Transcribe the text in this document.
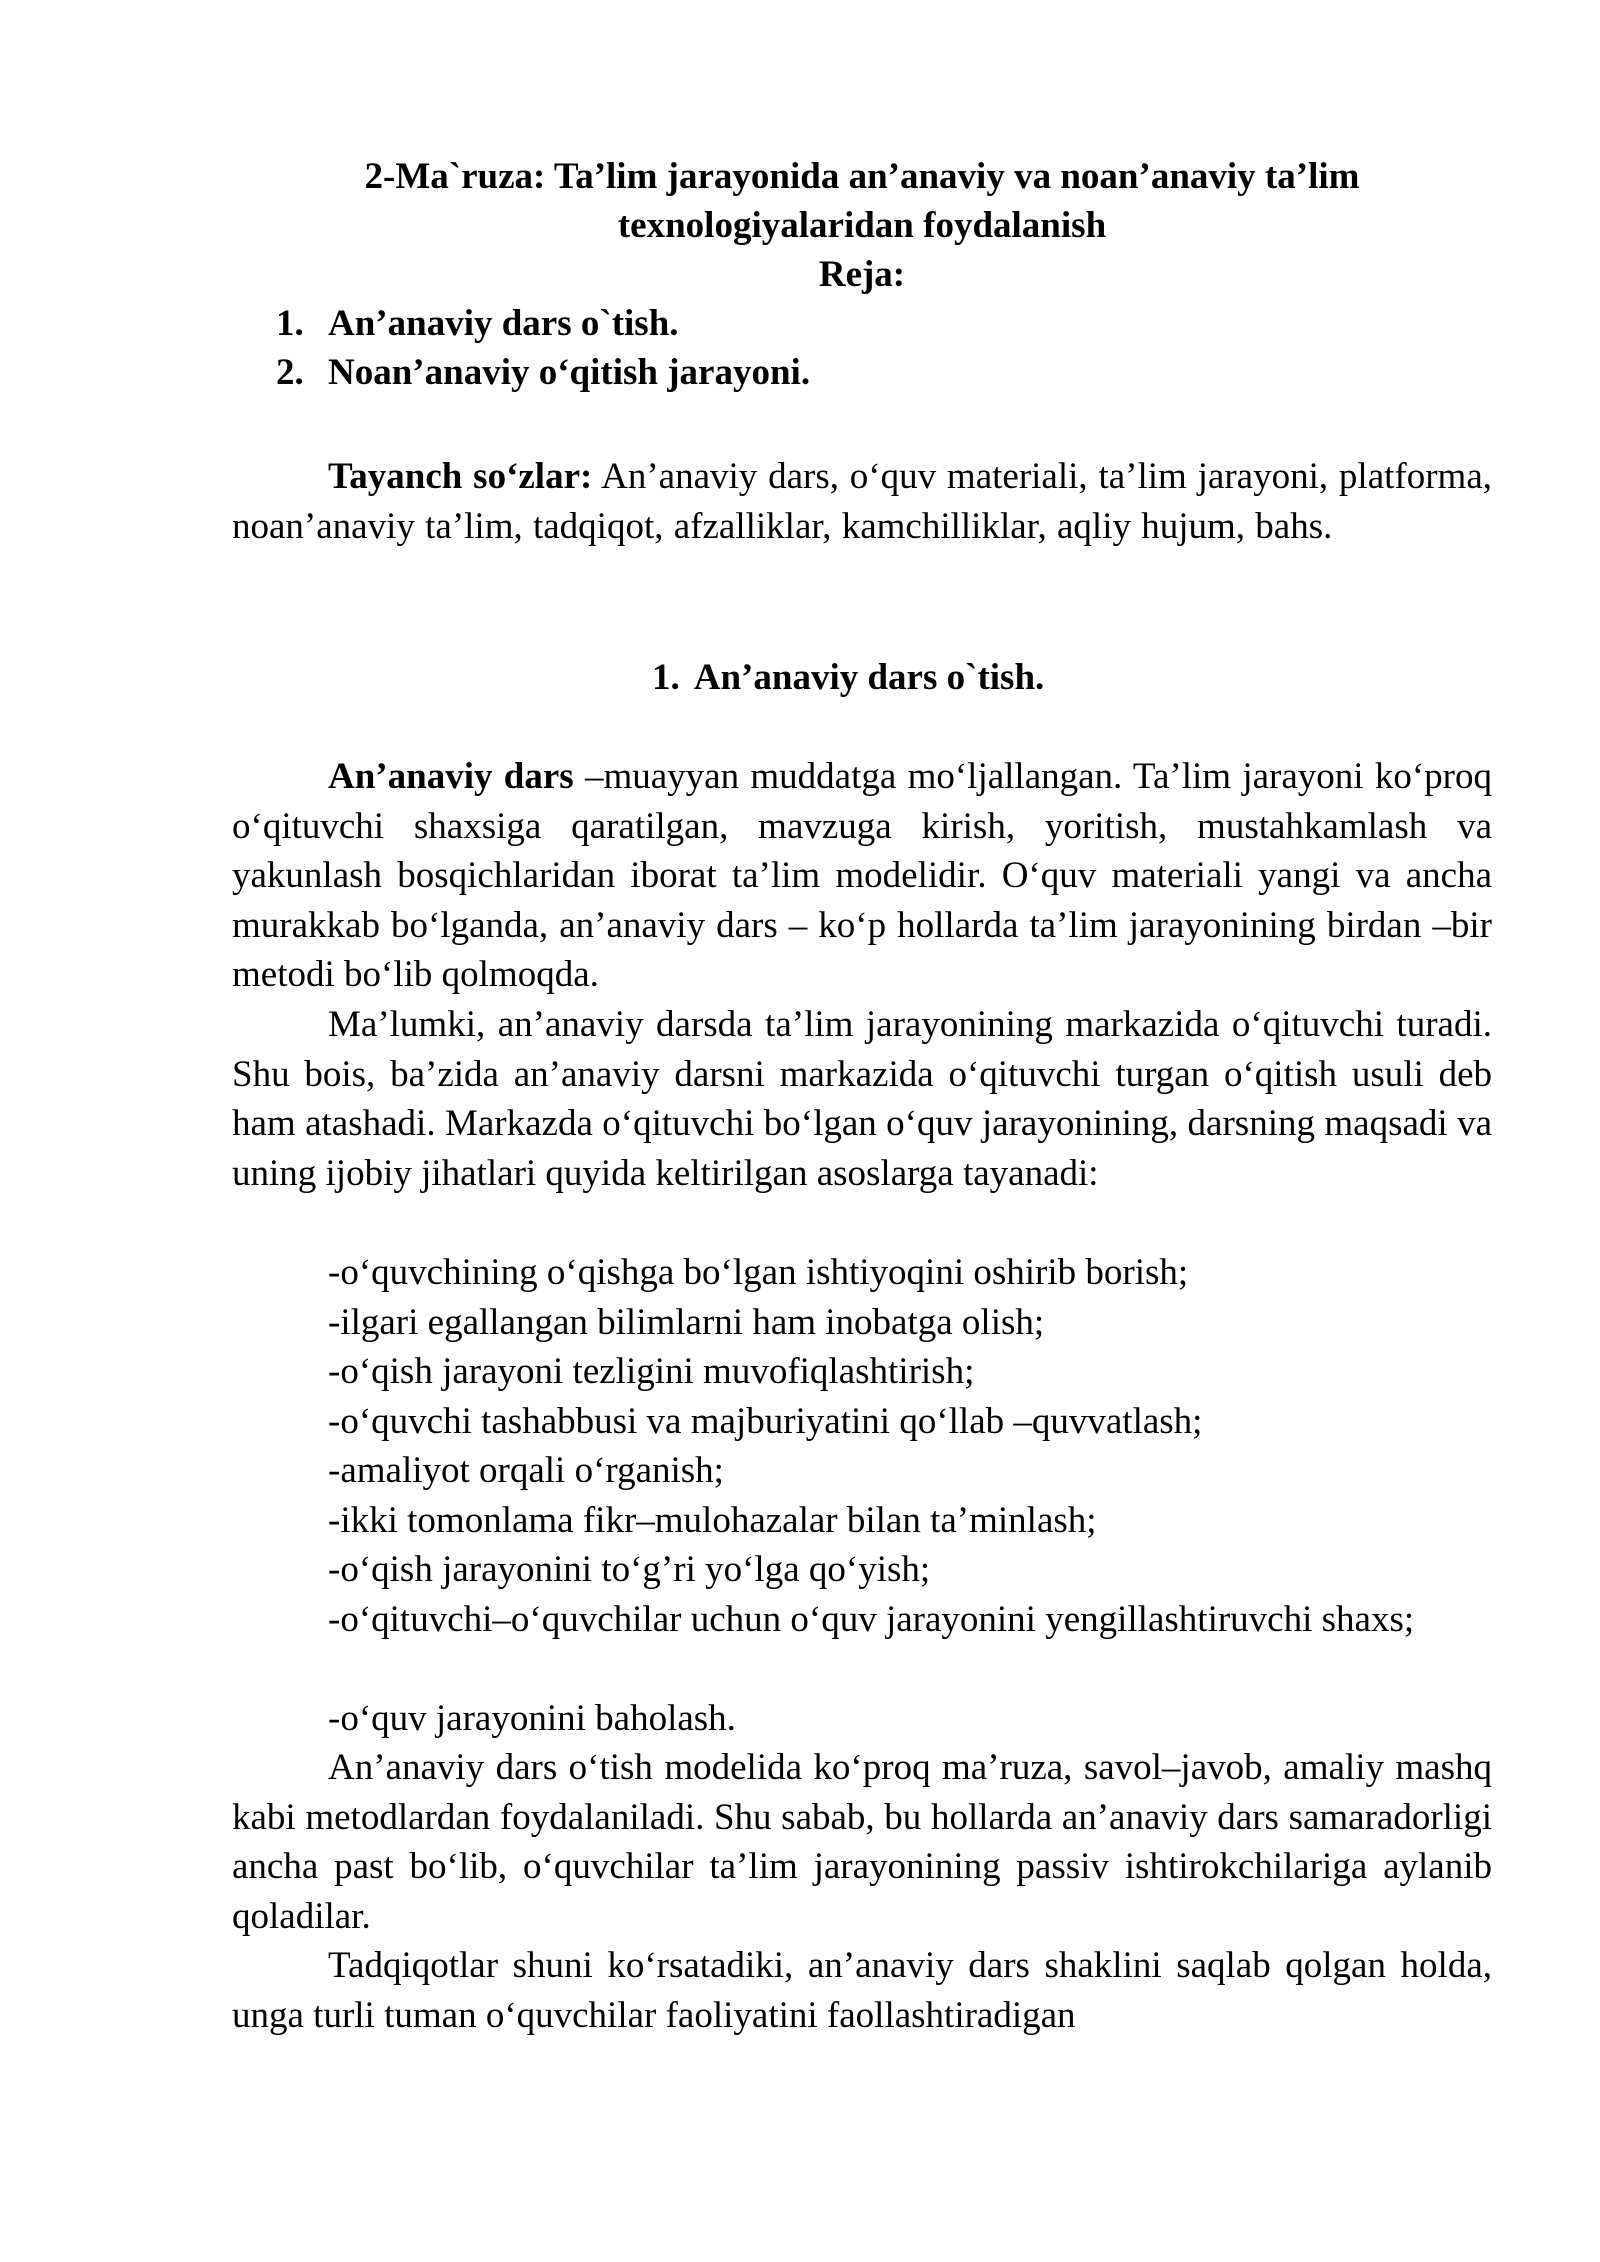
2-Ma`ruza: Ta’lim jarayonida an’anaviy va noan’anaviy ta’lim
texnologiyalaridan foydalanish
Reja:

1. An’anaviy dars o`tish.
2. Noan’anaviy o‘qitish jarayoni.

Tayanch so‘zlar: An’anaviy dars, o‘quv materiali, ta’lim jarayoni, platforma, noan’anaviy ta’lim, tadqiqot, afzalliklar, kamchilliklar, aqliy hujum, bahs.

1. An’anaviy dars o`tish.

An’anaviy dars –muayyan muddatga mo‘ljallangan. Ta’lim jarayoni ko‘proq o‘qituvchi shaxsiga qaratilgan, mavzuga kirish, yoritish, mustahkamlash va yakunlash bosqichlaridan iborat ta’lim modelidir. O‘quv materiali yangi va ancha murakkab bo‘lganda, an’anaviy dars – ko‘p hollarda ta’lim jarayonining birdan –bir metodi bo‘lib qolmoqda.

Ma’lumki, an’anaviy darsda ta’lim jarayonining markazida o‘qituvchi turadi. Shu bois, ba’zida an’anaviy darsni markazida o‘qituvchi turgan o‘qitish usuli deb ham atashadi. Markazda o‘qituvchi bo‘lgan o‘quv jarayonining, darsning maqsadi va uning ijobiy jihatlari quyida keltirilgan asoslarga tayanadi:

-o‘quvchining o‘qishga bo‘lgan ishtiyoqini oshirib borish;

-ilgari egallangan bilimlarni ham inobatga olish;

-o‘qish jarayoni tezligini muvofiqlashtirish;

-o‘quvchi tashabbusi va majburiyatini qo‘llab –quvvatlash;

-amaliyot orqali o‘rganish;

-ikki tomonlama fikr–mulohazalar bilan ta’minlash;

-o‘qish jarayonini to‘g’ri yo‘lga qo‘yish;

-o‘qituvchi–o‘quvchilar uchun o‘quv jarayonini yengillashtiruvchi shaxs;

-o‘quv jarayonini baholash.

An’anaviy dars o‘tish modelida ko‘proq ma’ruza, savol–javob, amaliy mashq kabi metodlardan foydalaniladi. Shu sabab, bu hollarda an’anaviy dars samaradorligi ancha past bo‘lib, o‘quvchilar ta’lim jarayonining passiv ishtirokchilariga aylanib qoladilar.

Tadqiqotlar shuni ko‘rsatadiki, an’anaviy dars shaklini saqlab qolgan holda, unga turli tuman o‘quvchilar faoliyatini faollashtiradigan
